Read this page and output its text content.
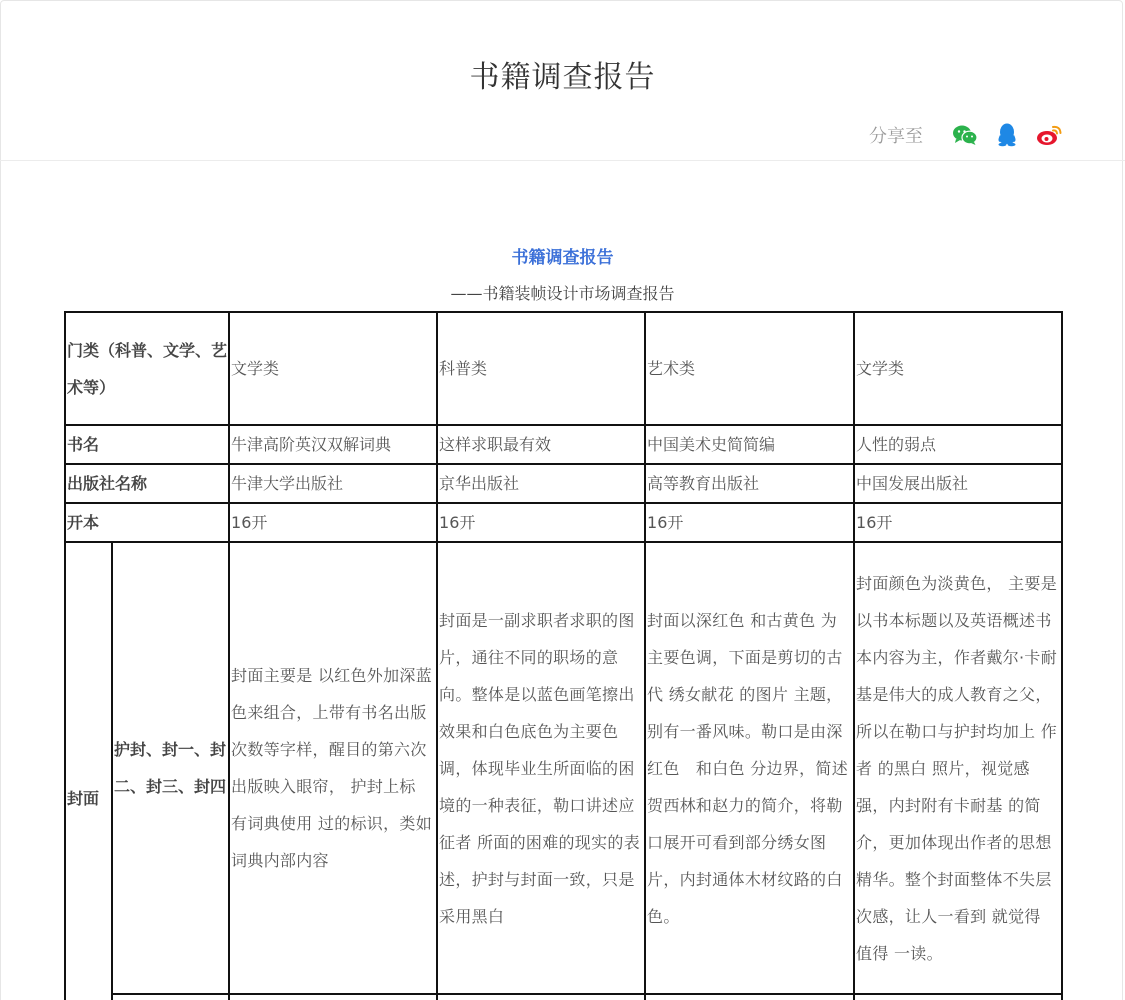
书籍调查报告
分享至
书籍调查报告
——书籍装帧设计市场调查报告
门类（科普、文学、艺术等）		文学类	科普类	艺术类	文学类
书名		牛津高阶英汉双解词典	这样求职最有效	中国美术史简简编	人性的弱点
出版社名称		牛津大学出版社	京华出版社	高等教育出版社	中国发展出版社
开本		16开	16开	16开	16开
封面	护封、封一、封二、封三、封四	封面主要是 以红色外加深蓝色来组合，上带有书名出版次数等字样，醒目的第六次 出版映入眼帘， 护封上标 有词典使用 过的标识，类如词典内部内容	封面是一副求职者求职的图片，通往不同的职场的意向。整体是以蓝色画笔擦出效果和白色底色为主要色调，体现毕业生所面临的困境的一种表征，勒口讲述应征者 所面的困难的现实的表述，护封与封面一致，只是采用黑白	封面以深红色 和古黄色 为主要色调，下面是剪切的古代 绣女献花 的图片 主题，别有一番风味。勒口是由深红色　和白色 分边界，简述贺西林和赵力的简介，将勒口展开可看到部分绣女图片，内封通体木材纹路的白色。	封面颜色为淡黄色， 主要是以书本标题以及英语概述书本内容为主，作者戴尔·卡耐基是伟大的成人教育之父，所以在勒口与护封均加上 作者 的黑白 照片，视觉感强，内封附有卡耐基 的简介，更加体现出作者的思想精华。整个封面整体不失层次感，让人一看到 就觉得 值得 一读。
